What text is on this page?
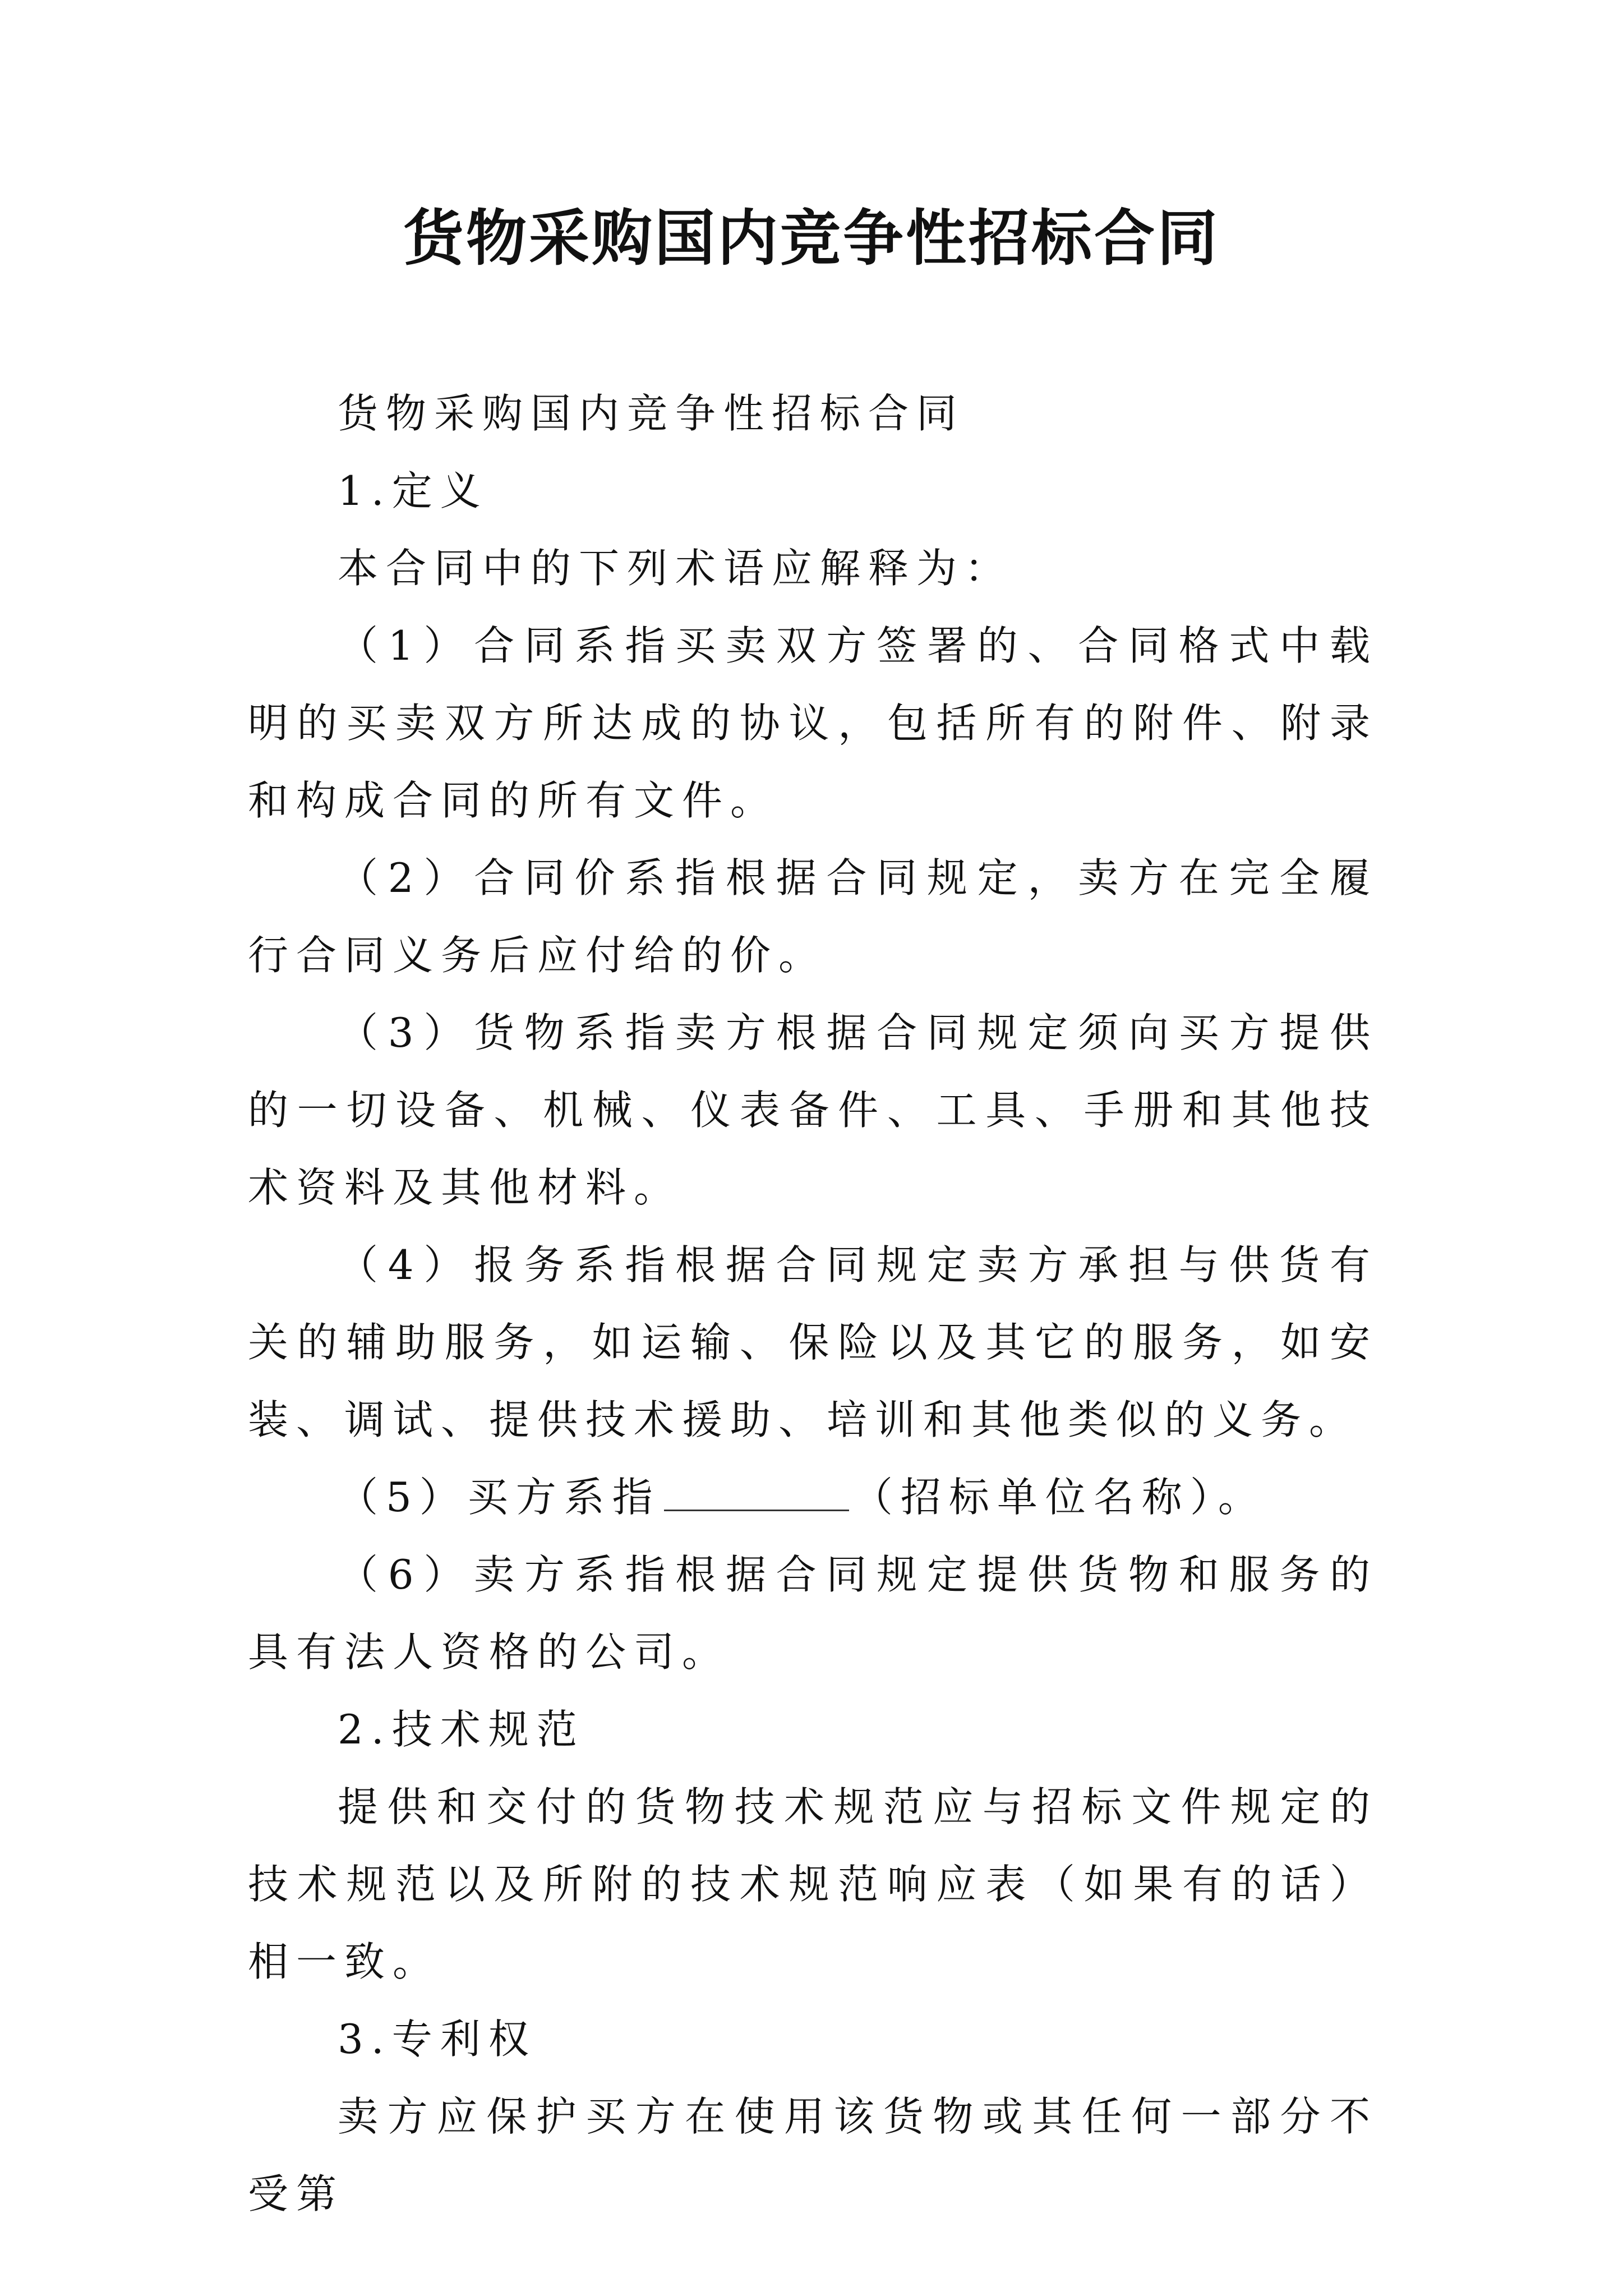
货物采购国内竞争性招标合同

货物采购国内竞争性招标合同

1.定义

本合同中的下列术语应解释为：

（1）合同系指买卖双方签署的、合同格式中载明的买卖双方所达成的协议，包括所有的附件、附录和构成合同的所有文件。

（2）合同价系指根据合同规定，卖方在完全履行合同义务后应付给的价。

（3）货物系指卖方根据合同规定须向买方提供的一切设备、机械、仪表备件、工具、手册和其他技术资料及其他材料。

（4）报务系指根据合同规定卖方承担与供货有关的辅助服务，如运输、保险以及其它的服务，如安装、调试、提供技术援助、培训和其他类似的义务。

（5）买方系指	（招标单位名称）。

（6）卖方系指根据合同规定提供货物和服务的具有法人资格的公司。

2.技术规范

提供和交付的货物技术规范应与招标文件规定的技术规范以及所附的技术规范响应表（如果有的话）相一致。

3.专利权

卖方应保护买方在使用该货物或其任何一部分不受第
